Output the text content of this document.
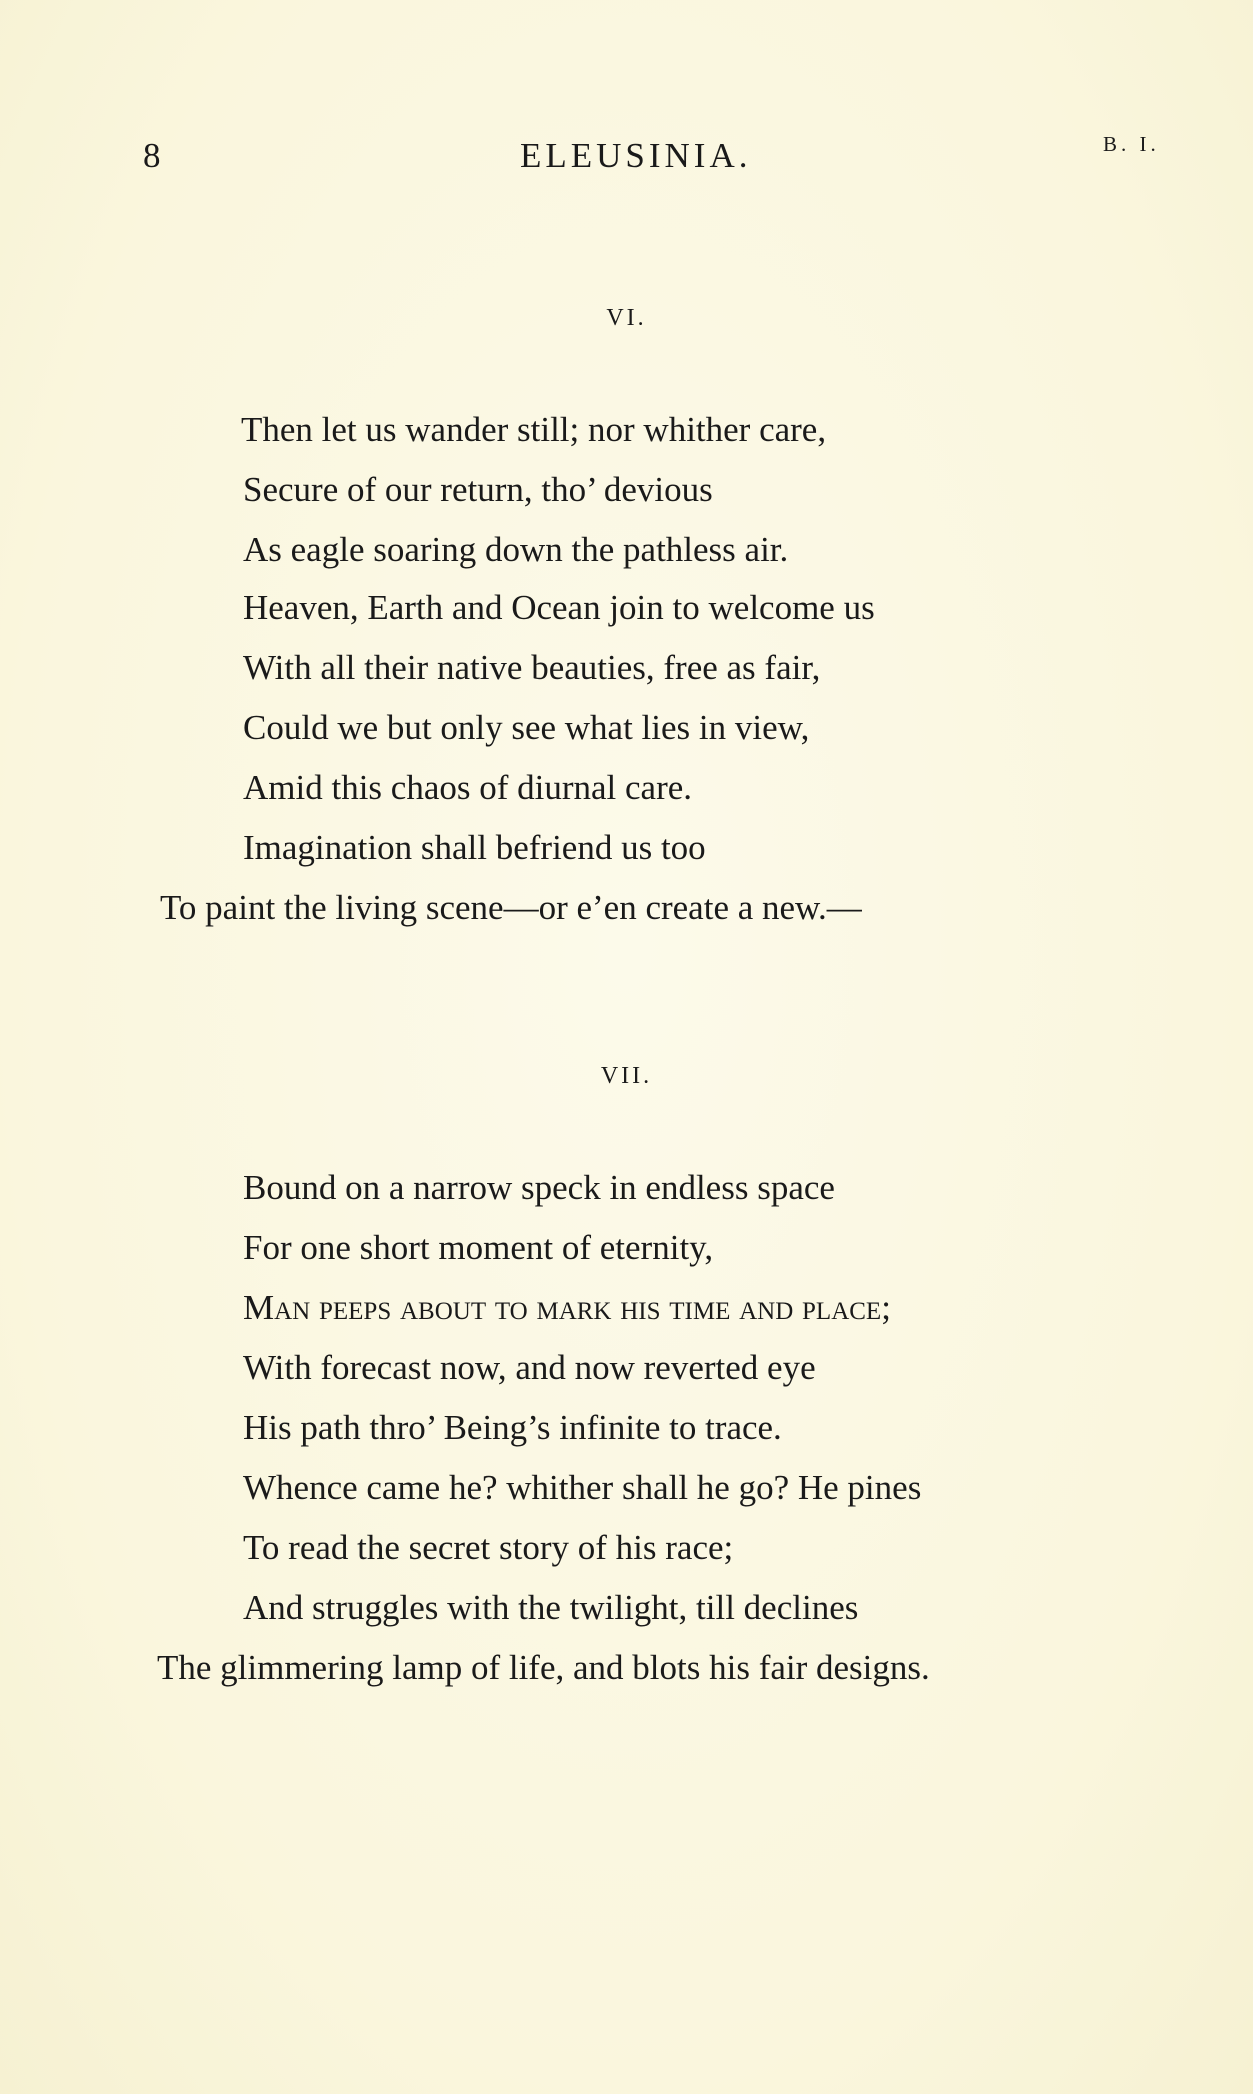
8	ELEUSINIA.	B. I.
VI.
Then let us wander still; nor whither care,
Secure of our return, tho’ devious
As eagle soaring down the pathless air.
Heaven, Earth and Ocean join to welcome us
With all their native beauties, free as fair,
Could we but only see what lies in view,
Amid this chaos of diurnal care.
Imagination shall befriend us too
To paint the living scene—or e’en create a new.—
VII.
Bound on a narrow speck in endless space
For one short moment of eternity,
Man peeps about to mark his time and place;
With forecast now, and now reverted eye
His path thro’ Being’s infinite to trace.
Whence came he? whither shall he go? He pines
To read the secret story of his race;
And struggles with the twilight, till declines
The glimmering lamp of life, and blots his fair designs.
